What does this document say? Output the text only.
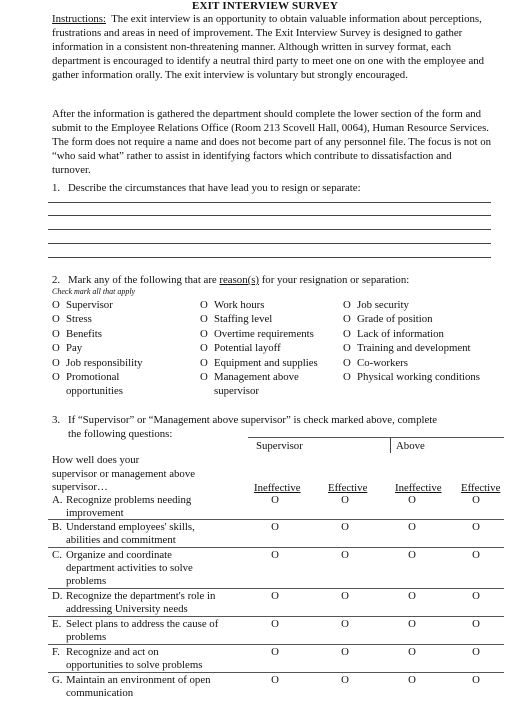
EXIT INTERVIEW SURVEY
Instructions: The exit interview is an opportunity to obtain valuable information about perceptions, frustrations and areas in need of improvement. The Exit Interview Survey is designed to gather information in a consistent non-threatening manner. Although written in survey format, each department is encouraged to identify a neutral third party to meet one on one with the employee and gather information orally. The exit interview is voluntary but strongly encouraged.
After the information is gathered the department should complete the lower section of the form and submit to the Employee Relations Office (Room 213 Scovell Hall, 0064), Human Resource Services. The form does not require a name and does not become part of any personnel file. The focus is not on “who said what” rather to assist in identifying factors which contribute to dissatisfaction and turnover.
1. Describe the circumstances that have lead you to resign or separate:
2. Mark any of the following that are reason(s) for your resignation or separation:
Check mark all that apply
O Supervisor
O Stress
O Benefits
O Pay
O Job responsibility
O Promotional
opportunities
O Work hours
O Staffing level
O Overtime requirements
O Potential layoff
O Equipment and supplies
O Management above
supervisor
O Job security
O Grade of position
O Lack of information
O Training and development
O Co-workers
O Physical working conditions
3. If “Supervisor” or “Management above supervisor” is check marked above, complete
the following questions:
Supervisor	Above
How well does your
supervisor or management above
supervisor…	Ineffective	Effective	Ineffective Effective
A. Recognize problems needing
improvement
O	O	O	O
B. Understand employees' skills,
abilities and commitment
O	O	O	O
C. Organize and coordinate
department activities to solve
problems
O	O	O	O
D. Recognize the department's role in
addressing University needs
O	O	O	O
E. Select plans to address the cause of
problems
O	O	O	O
F. Recognize and act on
opportunities to solve problems
O	O	O	O
G. Maintain an environment of open
communication
O	O	O	O
